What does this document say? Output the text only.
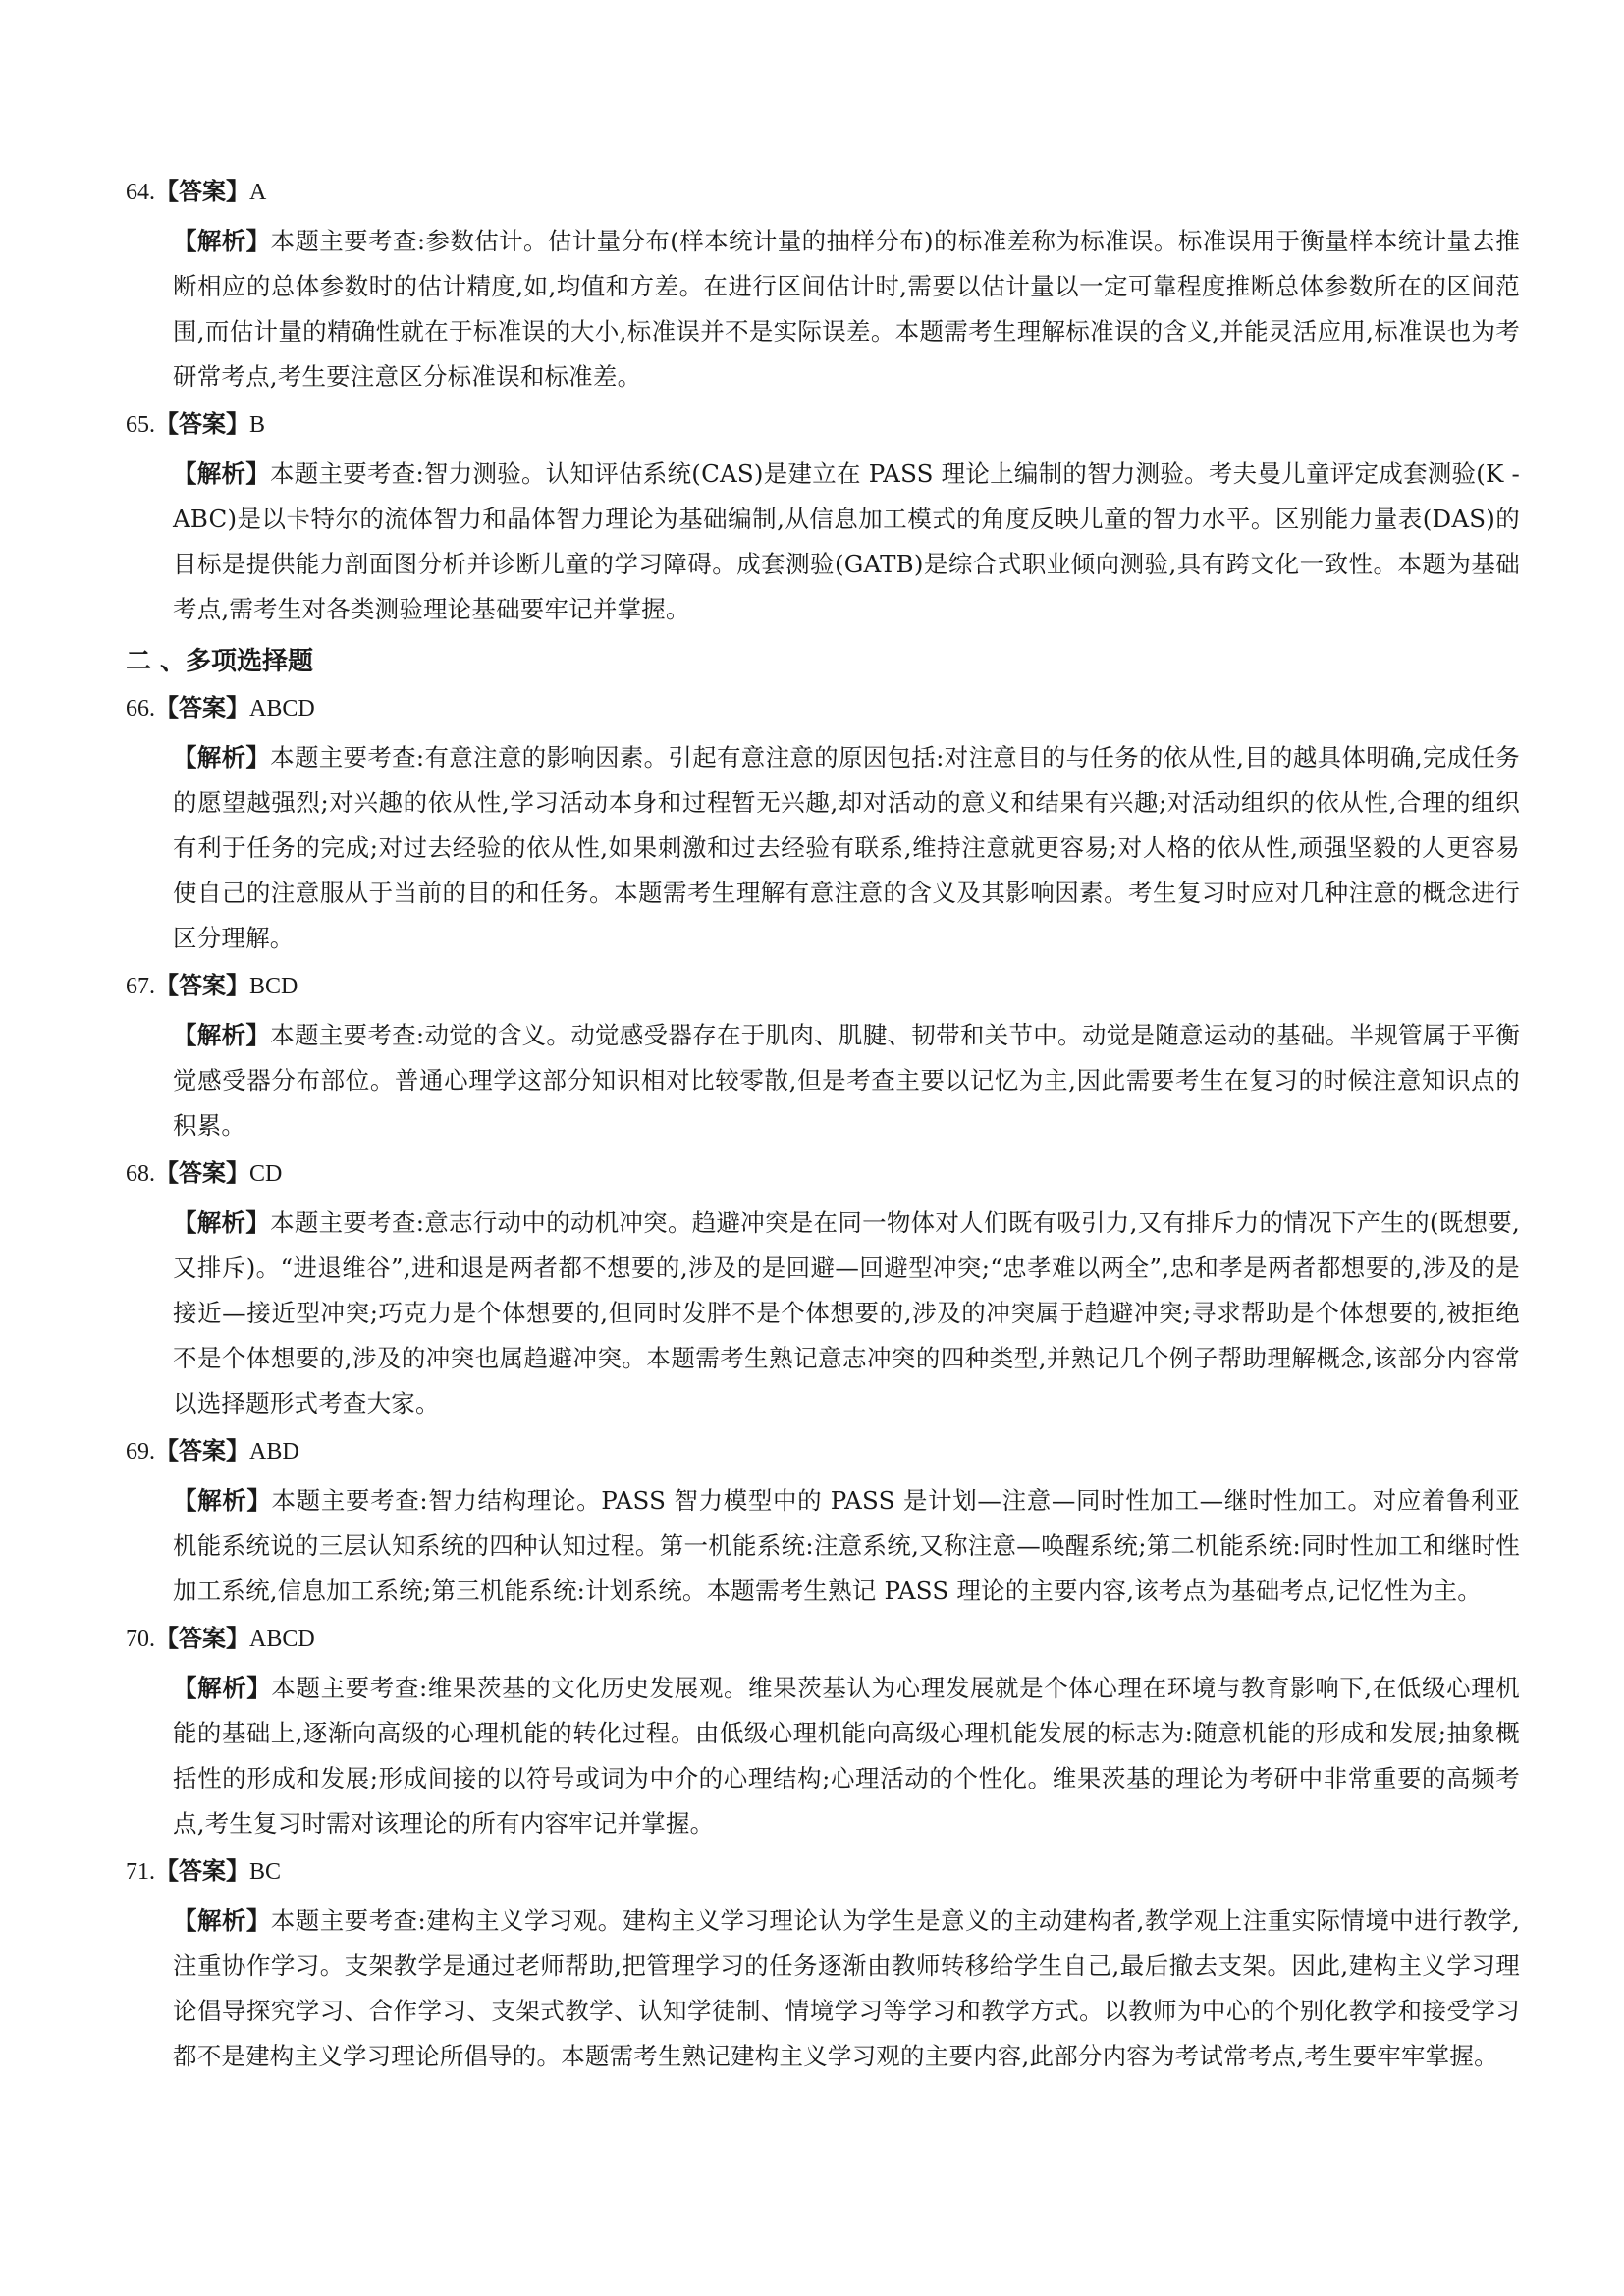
64.【答案】A
【解析】本题主要考查:参数估计。估计量分布(样本统计量的抽样分布)的标准差称为标准误。标准误用于衡量样本统计量去推断相应的总体参数时的估计精度,如,均值和方差。在进行区间估计时,需要以估计量以一定可靠程度推断总体参数所在的区间范围,而估计量的精确性就在于标准误的大小,标准误并不是实际误差。本题需考生理解标准误的含义,并能灵活应用,标准误也为考研常考点,考生要注意区分标准误和标准差。
65.【答案】B
【解析】本题主要考查:智力测验。认知评估系统(CAS)是建立在 PASS 理论上编制的智力测验。考夫曼儿童评定成套测验(K - ABC)是以卡特尔的流体智力和晶体智力理论为基础编制,从信息加工模式的角度反映儿童的智力水平。区别能力量表(DAS)的目标是提供能力剖面图分析并诊断儿童的学习障碍。成套测验(GATB)是综合式职业倾向测验,具有跨文化一致性。本题为基础考点,需考生对各类测验理论基础要牢记并掌握。
二 、多项选择题
66.【答案】ABCD
【解析】本题主要考查:有意注意的影响因素。引起有意注意的原因包括:对注意目的与任务的依从性,目的越具体明确,完成任务的愿望越强烈;对兴趣的依从性,学习活动本身和过程暂无兴趣,却对活动的意义和结果有兴趣;对活动组织的依从性,合理的组织有利于任务的完成;对过去经验的依从性,如果刺激和过去经验有联系,维持注意就更容易;对人格的依从性,顽强坚毅的人更容易使自己的注意服从于当前的目的和任务。本题需考生理解有意注意的含义及其影响因素。考生复习时应对几种注意的概念进行区分理解。
67.【答案】BCD
【解析】本题主要考查:动觉的含义。动觉感受器存在于肌肉、肌腱、韧带和关节中。动觉是随意运动的基础。半规管属于平衡觉感受器分布部位。普通心理学这部分知识相对比较零散,但是考查主要以记忆为主,因此需要考生在复习的时候注意知识点的积累。
68.【答案】CD
【解析】本题主要考查:意志行动中的动机冲突。趋避冲突是在同一物体对人们既有吸引力,又有排斥力的情况下产生的(既想要,又排斥)。“进退维谷”,进和退是两者都不想要的,涉及的是回避—回避型冲突;“忠孝难以两全”,忠和孝是两者都想要的,涉及的是接近—接近型冲突;巧克力是个体想要的,但同时发胖不是个体想要的,涉及的冲突属于趋避冲突;寻求帮助是个体想要的,被拒绝不是个体想要的,涉及的冲突也属趋避冲突。本题需考生熟记意志冲突的四种类型,并熟记几个例子帮助理解概念,该部分内容常以选择题形式考查大家。
69.【答案】ABD
【解析】本题主要考查:智力结构理论。PASS 智力模型中的 PASS 是计划—注意—同时性加工—继时性加工。对应着鲁利亚机能系统说的三层认知系统的四种认知过程。第一机能系统:注意系统,又称注意—唤醒系统;第二机能系统:同时性加工和继时性加工系统,信息加工系统;第三机能系统:计划系统。本题需考生熟记 PASS 理论的主要内容,该考点为基础考点,记忆性为主。
70.【答案】ABCD
【解析】本题主要考查:维果茨基的文化历史发展观。维果茨基认为心理发展就是个体心理在环境与教育影响下,在低级心理机能的基础上,逐渐向高级的心理机能的转化过程。由低级心理机能向高级心理机能发展的标志为:随意机能的形成和发展;抽象概括性的形成和发展;形成间接的以符号或词为中介的心理结构;心理活动的个性化。维果茨基的理论为考研中非常重要的高频考点,考生复习时需对该理论的所有内容牢记并掌握。
71.【答案】BC
【解析】本题主要考查:建构主义学习观。建构主义学习理论认为学生是意义的主动建构者,教学观上注重实际情境中进行教学,注重协作学习。支架教学是通过老师帮助,把管理学习的任务逐渐由教师转移给学生自己,最后撤去支架。因此,建构主义学习理论倡导探究学习、合作学习、支架式教学、认知学徒制、情境学习等学习和教学方式。以教师为中心的个别化教学和接受学习都不是建构主义学习理论所倡导的。本题需考生熟记建构主义学习观的主要内容,此部分内容为考试常考点,考生要牢牢掌握。
